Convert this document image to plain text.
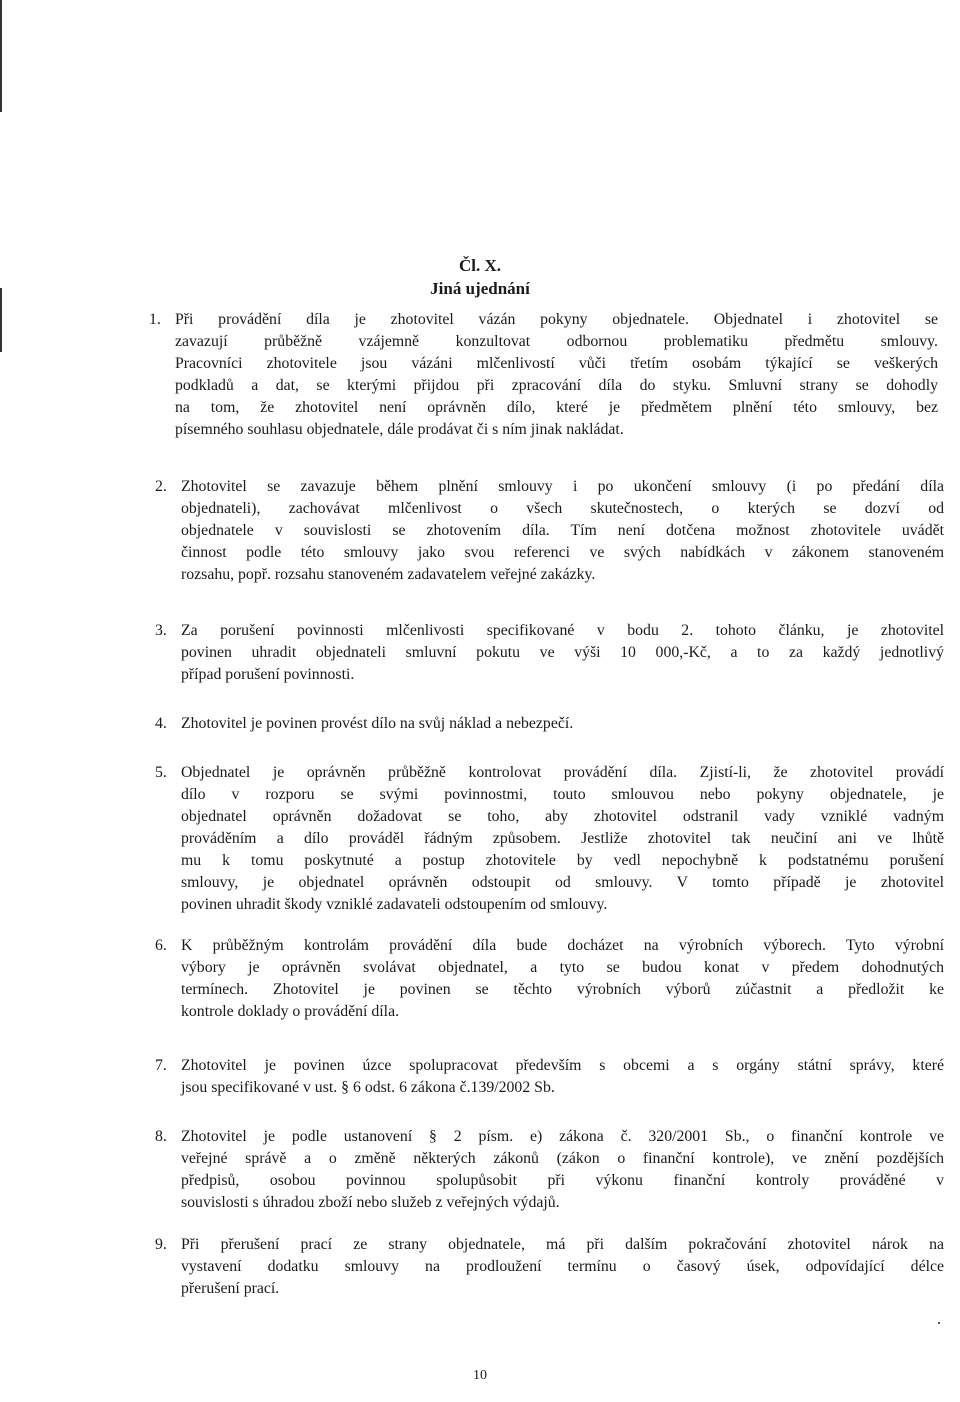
Čl. X.
Jiná ujednání
1. Při provádění díla je zhotovitel vázán pokyny objednatele. Objednatel i zhotovitel se
zavazují průběžně vzájemně konzultovat odbornou problematiku předmětu smlouvy.
Pracovníci zhotovitele jsou vázáni mlčenlivostí vůči třetím osobám týkající se veškerých
podkladů a dat, se kterými přijdou při zpracování díla do styku. Smluvní strany se dohodly
na tom, že zhotovitel není oprávněn dílo, které je předmětem plnění této smlouvy, bez
písemného souhlasu objednatele, dále prodávat či s ním jinak nakládat.
2. Zhotovitel se zavazuje během plnění smlouvy i po ukončení smlouvy (i po předání díla
objednateli), zachovávat mlčenlivost o všech skutečnostech, o kterých se dozví od
objednatele v souvislosti se zhotovením díla. Tím není dotčena možnost zhotovitele uvádět
činnost podle této smlouvy jako svou referenci ve svých nabídkách v zákonem stanoveném
rozsahu, popř. rozsahu stanoveném zadavatelem veřejné zakázky.
3. Za porušení povinnosti mlčenlivosti specifikované v bodu 2. tohoto článku, je zhotovitel
povinen uhradit objednateli smluvní pokutu ve výši 10 000,-Kč, a to za každý jednotlivý
případ porušení povinnosti.
4. Zhotovitel je povinen provést dílo na svůj náklad a nebezpečí.
5. Objednatel je oprávněn průběžně kontrolovat provádění díla. Zjistí-li, že zhotovitel provádí
dílo v rozporu se svými povinnostmi, touto smlouvou nebo pokyny objednatele, je
objednatel oprávněn dožadovat se toho, aby zhotovitel odstranil vady vzniklé vadným
prováděním a dílo prováděl řádným způsobem. Jestliže zhotovitel tak neučiní ani ve lhůtě
mu k tomu poskytnuté a postup zhotovitele by vedl nepochybně k podstatnému porušení
smlouvy, je objednatel oprávněn odstoupit od smlouvy. V tomto případě je zhotovitel
povinen uhradit škody vzniklé zadavateli odstoupením od smlouvy.
6. K průběžným kontrolám provádění díla bude docházet na výrobních výborech. Tyto výrobní
výbory je oprávněn svolávat objednatel, a tyto se budou konat v předem dohodnutých
termínech. Zhotovitel je povinen se těchto výrobních výborů zúčastnit a předložit ke
kontrole doklady o provádění díla.
7. Zhotovitel je povinen úzce spolupracovat především s obcemi a s orgány státní správy, které
jsou specifikované v ust. § 6 odst. 6 zákona č.139/2002 Sb.
8. Zhotovitel je podle ustanovení § 2 písm. e) zákona č. 320/2001 Sb., o finanční kontrole ve
veřejné správě a o změně některých zákonů (zákon o finanční kontrole), ve znění pozdějších
předpisů, osobou povinnou spolupůsobit při výkonu finanční kontroly prováděné v
souvislosti s úhradou zboží nebo služeb z veřejných výdajů.
9. Při přerušení prací ze strany objednatele, má při dalším pokračování zhotovitel nárok na
vystavení dodatku smlouvy na prodloužení termínu o časový úsek, odpovídající délce
přerušení prací.
10
